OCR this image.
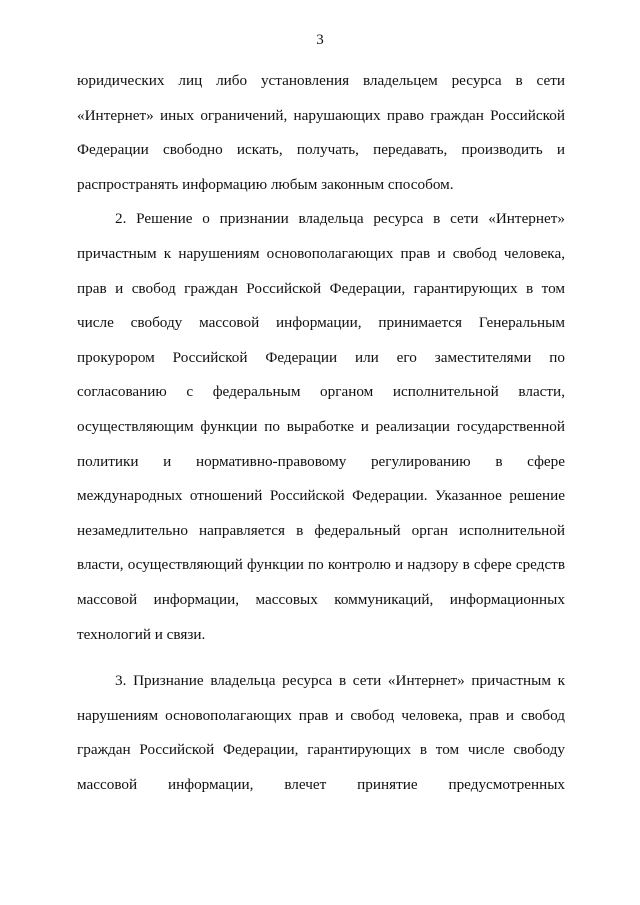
3
юридических лиц либо установления владельцем ресурса в сети
«Интернет» иных ограничений, нарушающих право граждан Российской
Федерации свободно искать, получать, передавать, производить и
распространять информацию любым законным способом.
2. Решение о признании владельца ресурса в сети «Интернет»
причастным к нарушениям основополагающих прав и свобод человека,
прав и свобод граждан Российской Федерации, гарантирующих в том
числе свободу массовой информации, принимается Генеральным
прокурором Российской Федерации или его заместителями по
согласованию с федеральным органом исполнительной власти,
осуществляющим функции по выработке и реализации государственной
политики и нормативно-правовому регулированию в сфере
международных отношений Российской Федерации. Указанное решение
незамедлительно направляется в федеральный орган исполнительной
власти, осуществляющий функции по контролю и надзору в сфере средств
массовой информации, массовых коммуникаций, информационных
технологий и связи.
3. Признание владельца ресурса в сети «Интернет» причастным к
нарушениям основополагающих прав и свобод человека, прав и свобод
граждан Российской Федерации, гарантирующих в том числе свободу
массовой информации, влечет принятие предусмотренных
